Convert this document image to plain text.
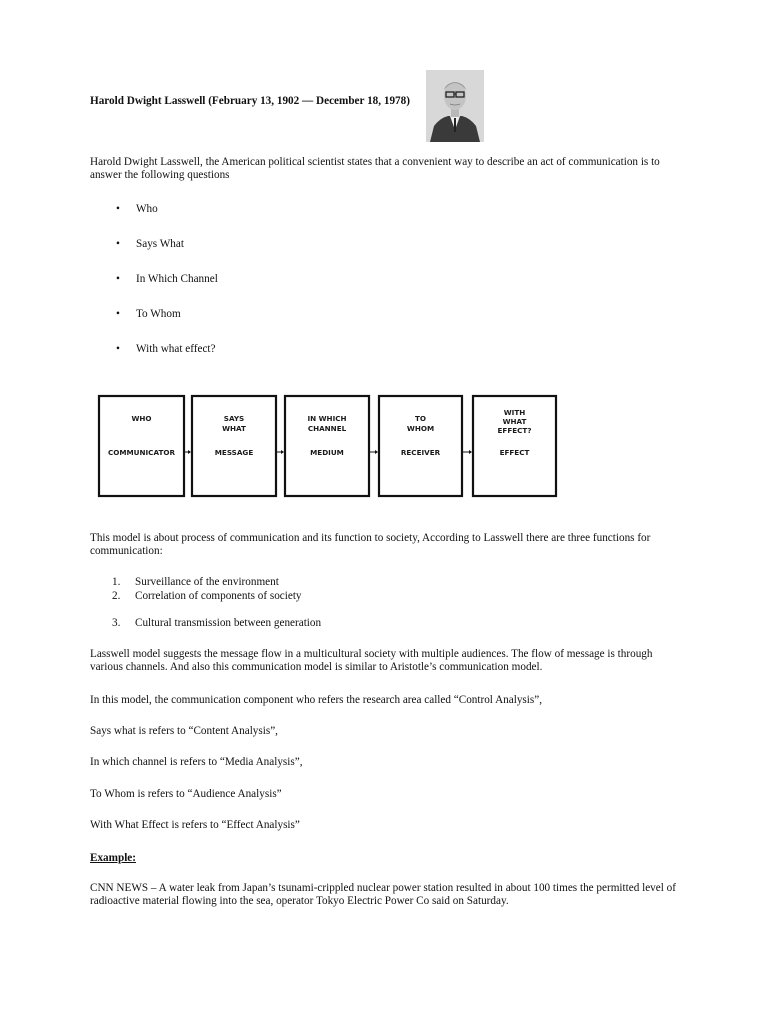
Harold Dwight Lasswell (February 13, 1902 — December 18, 1978)
Harold Dwight Lasswell, the American political scientist states that a convenient way to describe an act of communication is to answer the following questions
• Who
• Says What
• In Which Channel
• To Whom
• With what effect?
WHO
COMMUNICATOR
SAYS
WHAT
MESSAGE
IN WHICH
CHANNEL
MEDIUM
TO
WHOM
RECEIVER
WITH
WHAT
EFFECT?
EFFECT
This model is about process of communication and its function to society, According to Lasswell there are three functions for communication:
1. Surveillance of the environment
2. Correlation of components of society
3. Cultural transmission between generation
Lasswell model suggests the message flow in a multicultural society with multiple audiences. The flow of message is through various channels. And also this communication model is similar to Aristotle’s communication model.
In this model, the communication component who refers the research area called “Control Analysis”,
Says what is refers to “Content Analysis”,
In which channel is refers to “Media Analysis”,
To Whom is refers to “Audience Analysis”
With What Effect is refers to “Effect Analysis”
Example:
CNN NEWS – A water leak from Japan’s tsunami-crippled nuclear power station resulted in about 100 times the permitted level of radioactive material flowing into the sea, operator Tokyo Electric Power Co said on Saturday.
